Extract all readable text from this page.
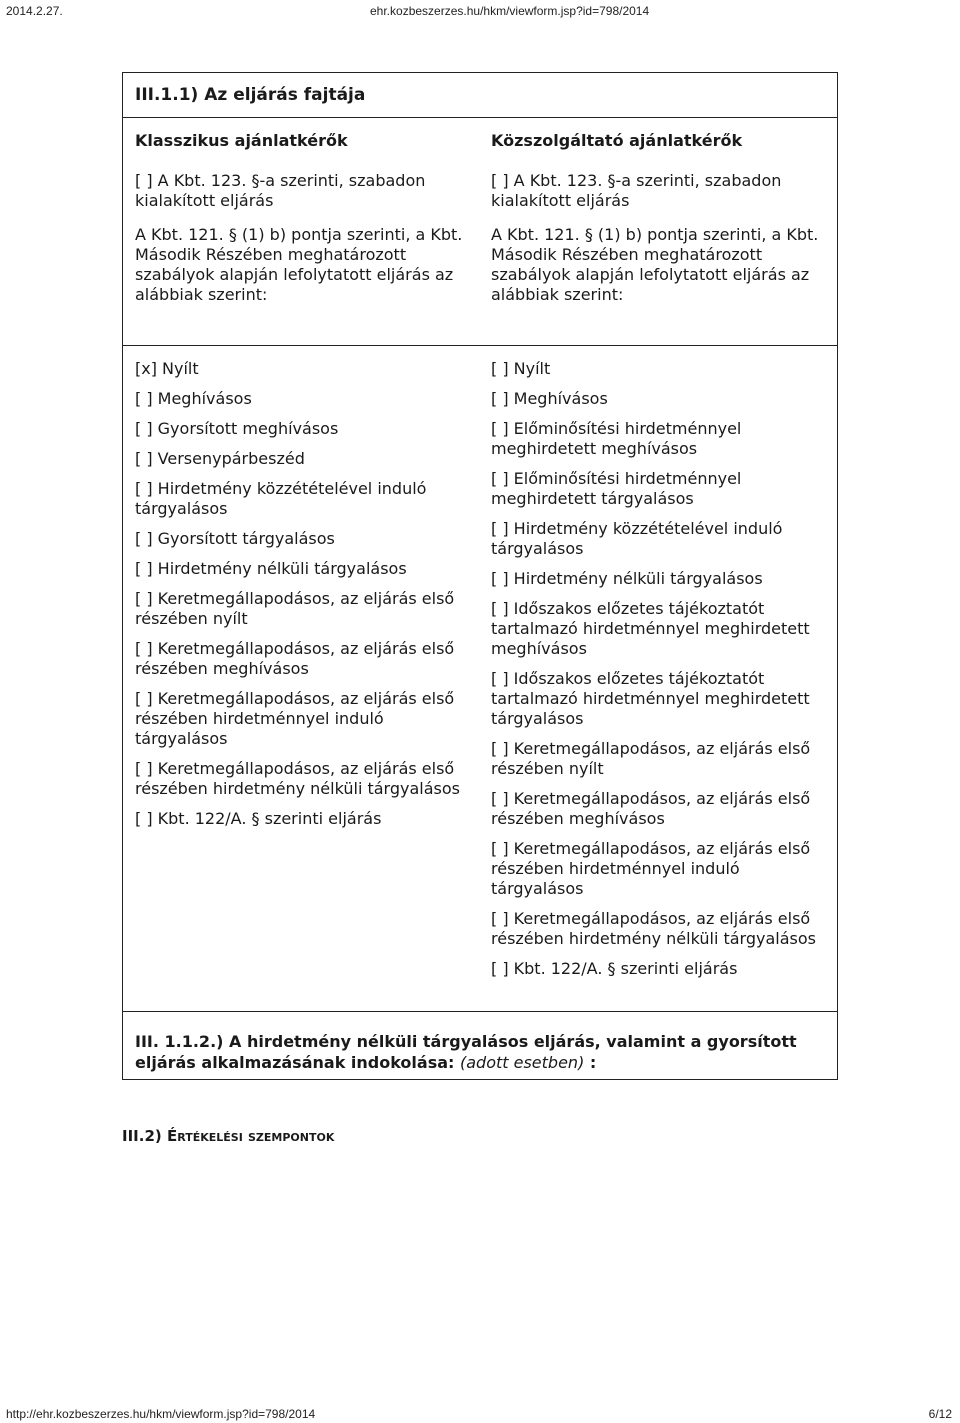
2014.2.27.	ehr.kozbeszerzes.hu/hkm/viewform.jsp?id=798/2014
III.1.1) Az eljárás fajtája

Klasszikus ajánlatkérők

[ ] A Kbt. 123. §-a szerinti, szabadon kialakított eljárás

A Kbt. 121. § (1) b) pontja szerinti, a Kbt. Második Részében meghatározott szabályok alapján lefolytatott eljárás az alábbiak szerint:

Közszolgáltató ajánlatkérők

[ ] A Kbt. 123. §-a szerinti, szabadon kialakított eljárás

A Kbt. 121. § (1) b) pontja szerinti, a Kbt. Második Részében meghatározott szabályok alapján lefolytatott eljárás az alábbiak szerint:

[x] Nyílt

[ ] Meghívásos

[ ] Gyorsított meghívásos

[ ] Versenypárbeszéd

[ ] Hirdetmény közzétételével induló tárgyalásos

[ ] Gyorsított tárgyalásos

[ ] Hirdetmény nélküli tárgyalásos

[ ] Keretmegállapodásos, az eljárás első részében nyílt

[ ] Keretmegállapodásos, az eljárás első részében meghívásos

[ ] Keretmegállapodásos, az eljárás első részében hirdetménnyel induló tárgyalásos

[ ] Keretmegállapodásos, az eljárás első részében hirdetmény nélküli tárgyalásos

[ ] Kbt. 122/A. § szerinti eljárás

[ ] Nyílt

[ ] Meghívásos

[ ] Előminősítési hirdetménnyel meghirdetett meghívásos

[ ] Előminősítési hirdetménnyel meghirdetett tárgyalásos

[ ] Hirdetmény közzétételével induló tárgyalásos

[ ] Hirdetmény nélküli tárgyalásos

[ ] Időszakos előzetes tájékoztatót tartalmazó hirdetménnyel meghirdetett meghívásos

[ ] Időszakos előzetes tájékoztatót tartalmazó hirdetménnyel meghirdetett tárgyalásos

[ ] Keretmegállapodásos, az eljárás első részében nyílt

[ ] Keretmegállapodásos, az eljárás első részében meghívásos

[ ] Keretmegállapodásos, az eljárás első részében hirdetménnyel induló tárgyalásos

[ ] Keretmegállapodásos, az eljárás első részében hirdetmény nélküli tárgyalásos

[ ] Kbt. 122/A. § szerinti eljárás

III. 1.1.2.) A hirdetmény nélküli tárgyalásos eljárás, valamint a gyorsított eljárás alkalmazásának indokolása: (adott esetben) :
III.2) Értékelési szempontok
http://ehr.kozbeszerzes.hu/hkm/viewform.jsp?id=798/2014	6/12
